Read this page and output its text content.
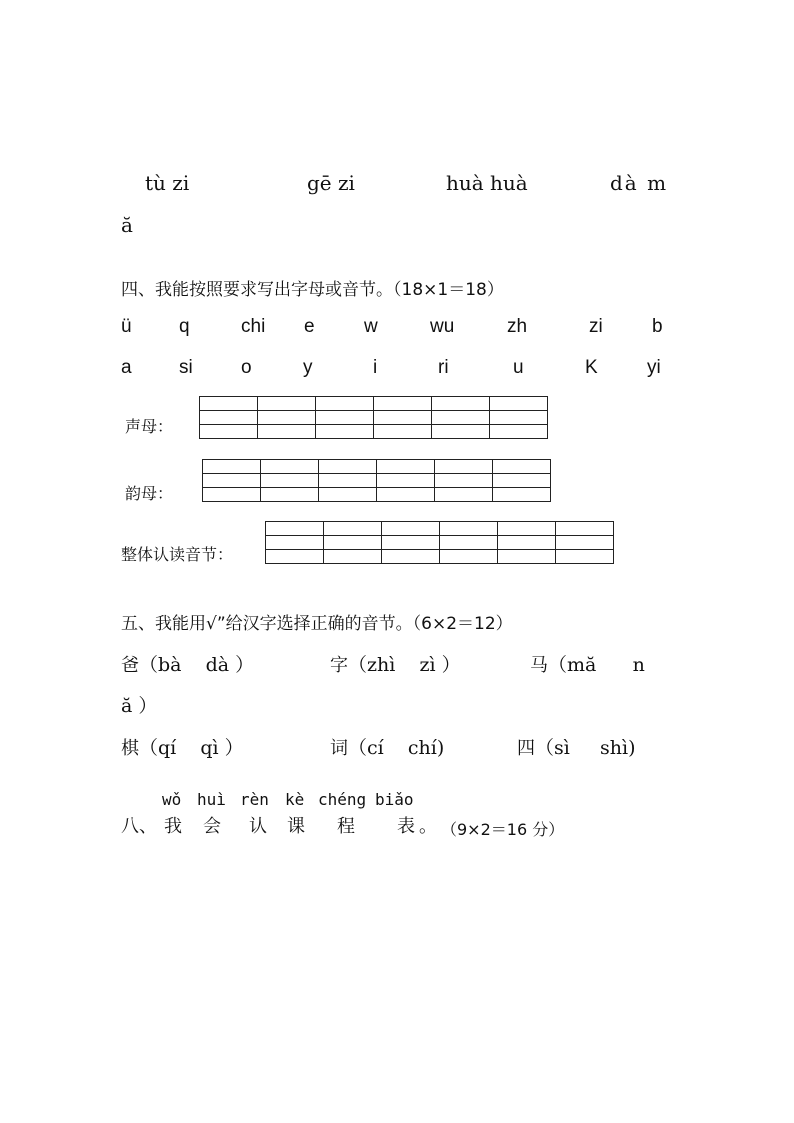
tù zi	gē zi	huà huà	dà m
ă
四、我能按照要求写出字母或音节。（18×1＝18）
ü q	chi e	w	wu	zh	zi	b
a si	o	y	i	ri	u	K	yi
声母：

韵母：

整体认读音节：

五、我能用√”给汉字选择正确的音节。（6×2＝12）
爸（bà    dà ）	字（zhì    zì ）	马（mă      n
ă ）
棋（qí    qì ）	词（cí    chí)	四（sì     shì)
wǒ huì rèn kè chéng biǎo
八、 我 会 认 课 程 表 。 （9×2＝16 分）
